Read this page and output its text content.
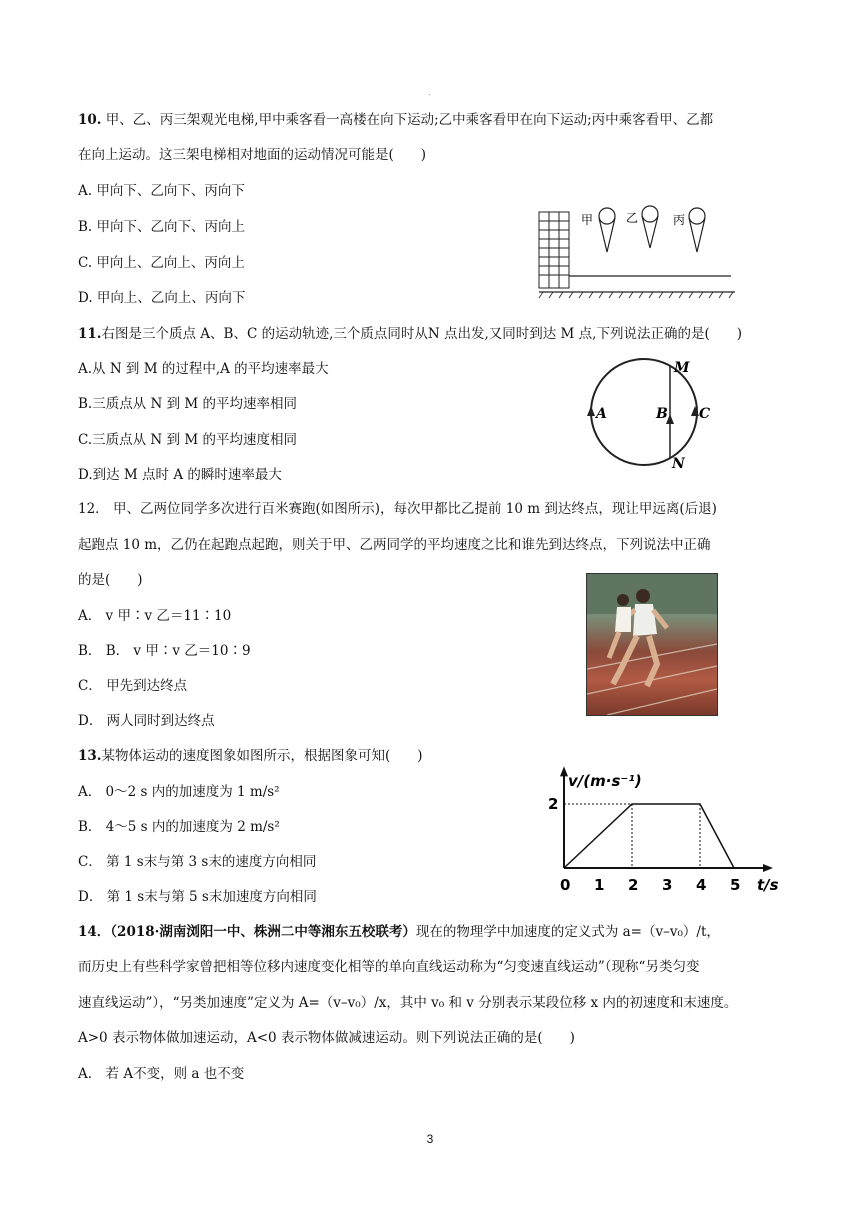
.
10. 甲、乙、丙三架观光电梯,甲中乘客看一高楼在向下运动;乙中乘客看甲在向下运动;丙中乘客看甲、乙都
在向上运动。这三架电梯相对地面的运动情况可能是(　　)
A. 甲向下、乙向下、丙向下
B. 甲向下、乙向下、丙向上
C. 甲向上、乙向上、丙向上
D. 甲向上、乙向上、丙向下
甲	乙	丙
11.右图是三个质点 A、B、C 的运动轨迹,三个质点同时从N 点出发,又同时到达 M 点,下列说法正确的是(　　)
A.从 N 到 M 的过程中,A 的平均速率最大
B.三质点从 N 到 M 的平均速率相同
C.三质点从 N 到 M 的平均速度相同
D.到达 M 点时 A 的瞬时速率最大
M
N
A	B C
12． 甲、乙两位同学多次进行百米赛跑(如图所示)，每次甲都比乙提前 10 m 到达终点，现让甲远离(后退)
起跑点 10 m，乙仍在起跑点起跑，则关于甲、乙两同学的平均速度之比和谁先到达终点，下列说法中正确
的是(　　)
A． v 甲∶v 乙＝11∶10
B． B． v 甲∶v 乙＝10∶9
C． 甲先到达终点
D． 两人同时到达终点
13.某物体运动的速度图象如图所示，根据图象可知(　　)
A． 0～2 s 内的加速度为 1 m/s²
B． 4～5 s 内的加速度为 2 m/s²
C． 第 1 s末与第 3 s末的速度方向相同
D． 第 1 s末与第 5 s末加速度方向相同
0 1 2 3 4 5
2
v/(m·s⁻¹)
t/s
14．（2018·湖南浏阳一中、株洲二中等湘东五校联考）现在的物理学中加速度的定义式为 a=（v–v₀）/t，
而历史上有些科学家曾把相等位移内速度变化相等的单向直线运动称为“匀变速直线运动”（现称“另类匀变
速直线运动”），“另类加速度”定义为 A=（v–v₀）/x，其中 v₀ 和 v 分别表示某段位移 x 内的初速度和末速度。
A>0 表示物体做加速运动，A<0 表示物体做减速运动。则下列说法正确的是(　　)
A． 若 A不变，则 a 也不变
3
